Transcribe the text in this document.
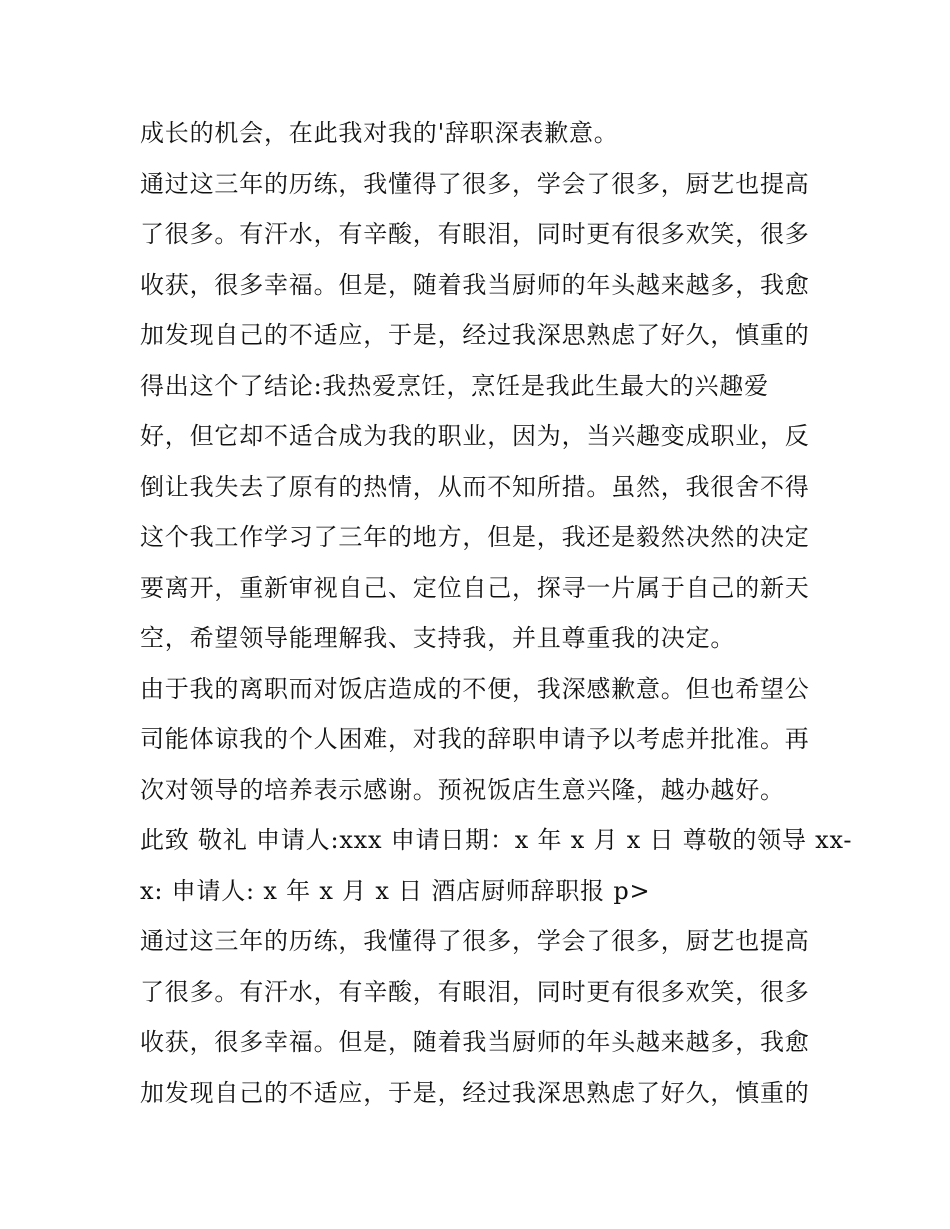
成长的机会，在此我对我的'辞职深表歉意。
通过这三年的历练，我懂得了很多，学会了很多，厨艺也提高
了很多。有汗水，有辛酸，有眼泪，同时更有很多欢笑，很多
收获，很多幸福。但是，随着我当厨师的年头越来越多，我愈
加发现自己的不适应，于是，经过我深思熟虑了好久，慎重的
得出这个了结论:我热爱烹饪，烹饪是我此生最大的兴趣爱
好，但它却不适合成为我的职业，因为，当兴趣变成职业，反
倒让我失去了原有的热情，从而不知所措。虽然，我很舍不得
这个我工作学习了三年的地方，但是，我还是毅然决然的决定
要离开，重新审视自己、定位自己，探寻一片属于自己的新天
空，希望领导能理解我、支持我，并且尊重我的决定。
由于我的离职而对饭店造成的不便，我深感歉意。但也希望公
司能体谅我的个人困难，对我的辞职申请予以考虑并批准。再
次对领导的培养表示感谢。预祝饭店生意兴隆，越办越好。
此致 敬礼 申请人:xxx 申请日期：x 年 x 月 x 日 尊敬的领导 xx-
x: 申请人: x 年 x 月 x 日 酒店厨师辞职报 p>
通过这三年的历练，我懂得了很多，学会了很多，厨艺也提高
了很多。有汗水，有辛酸，有眼泪，同时更有很多欢笑，很多
收获，很多幸福。但是，随着我当厨师的年头越来越多，我愈
加发现自己的不适应，于是，经过我深思熟虑了好久，慎重的
